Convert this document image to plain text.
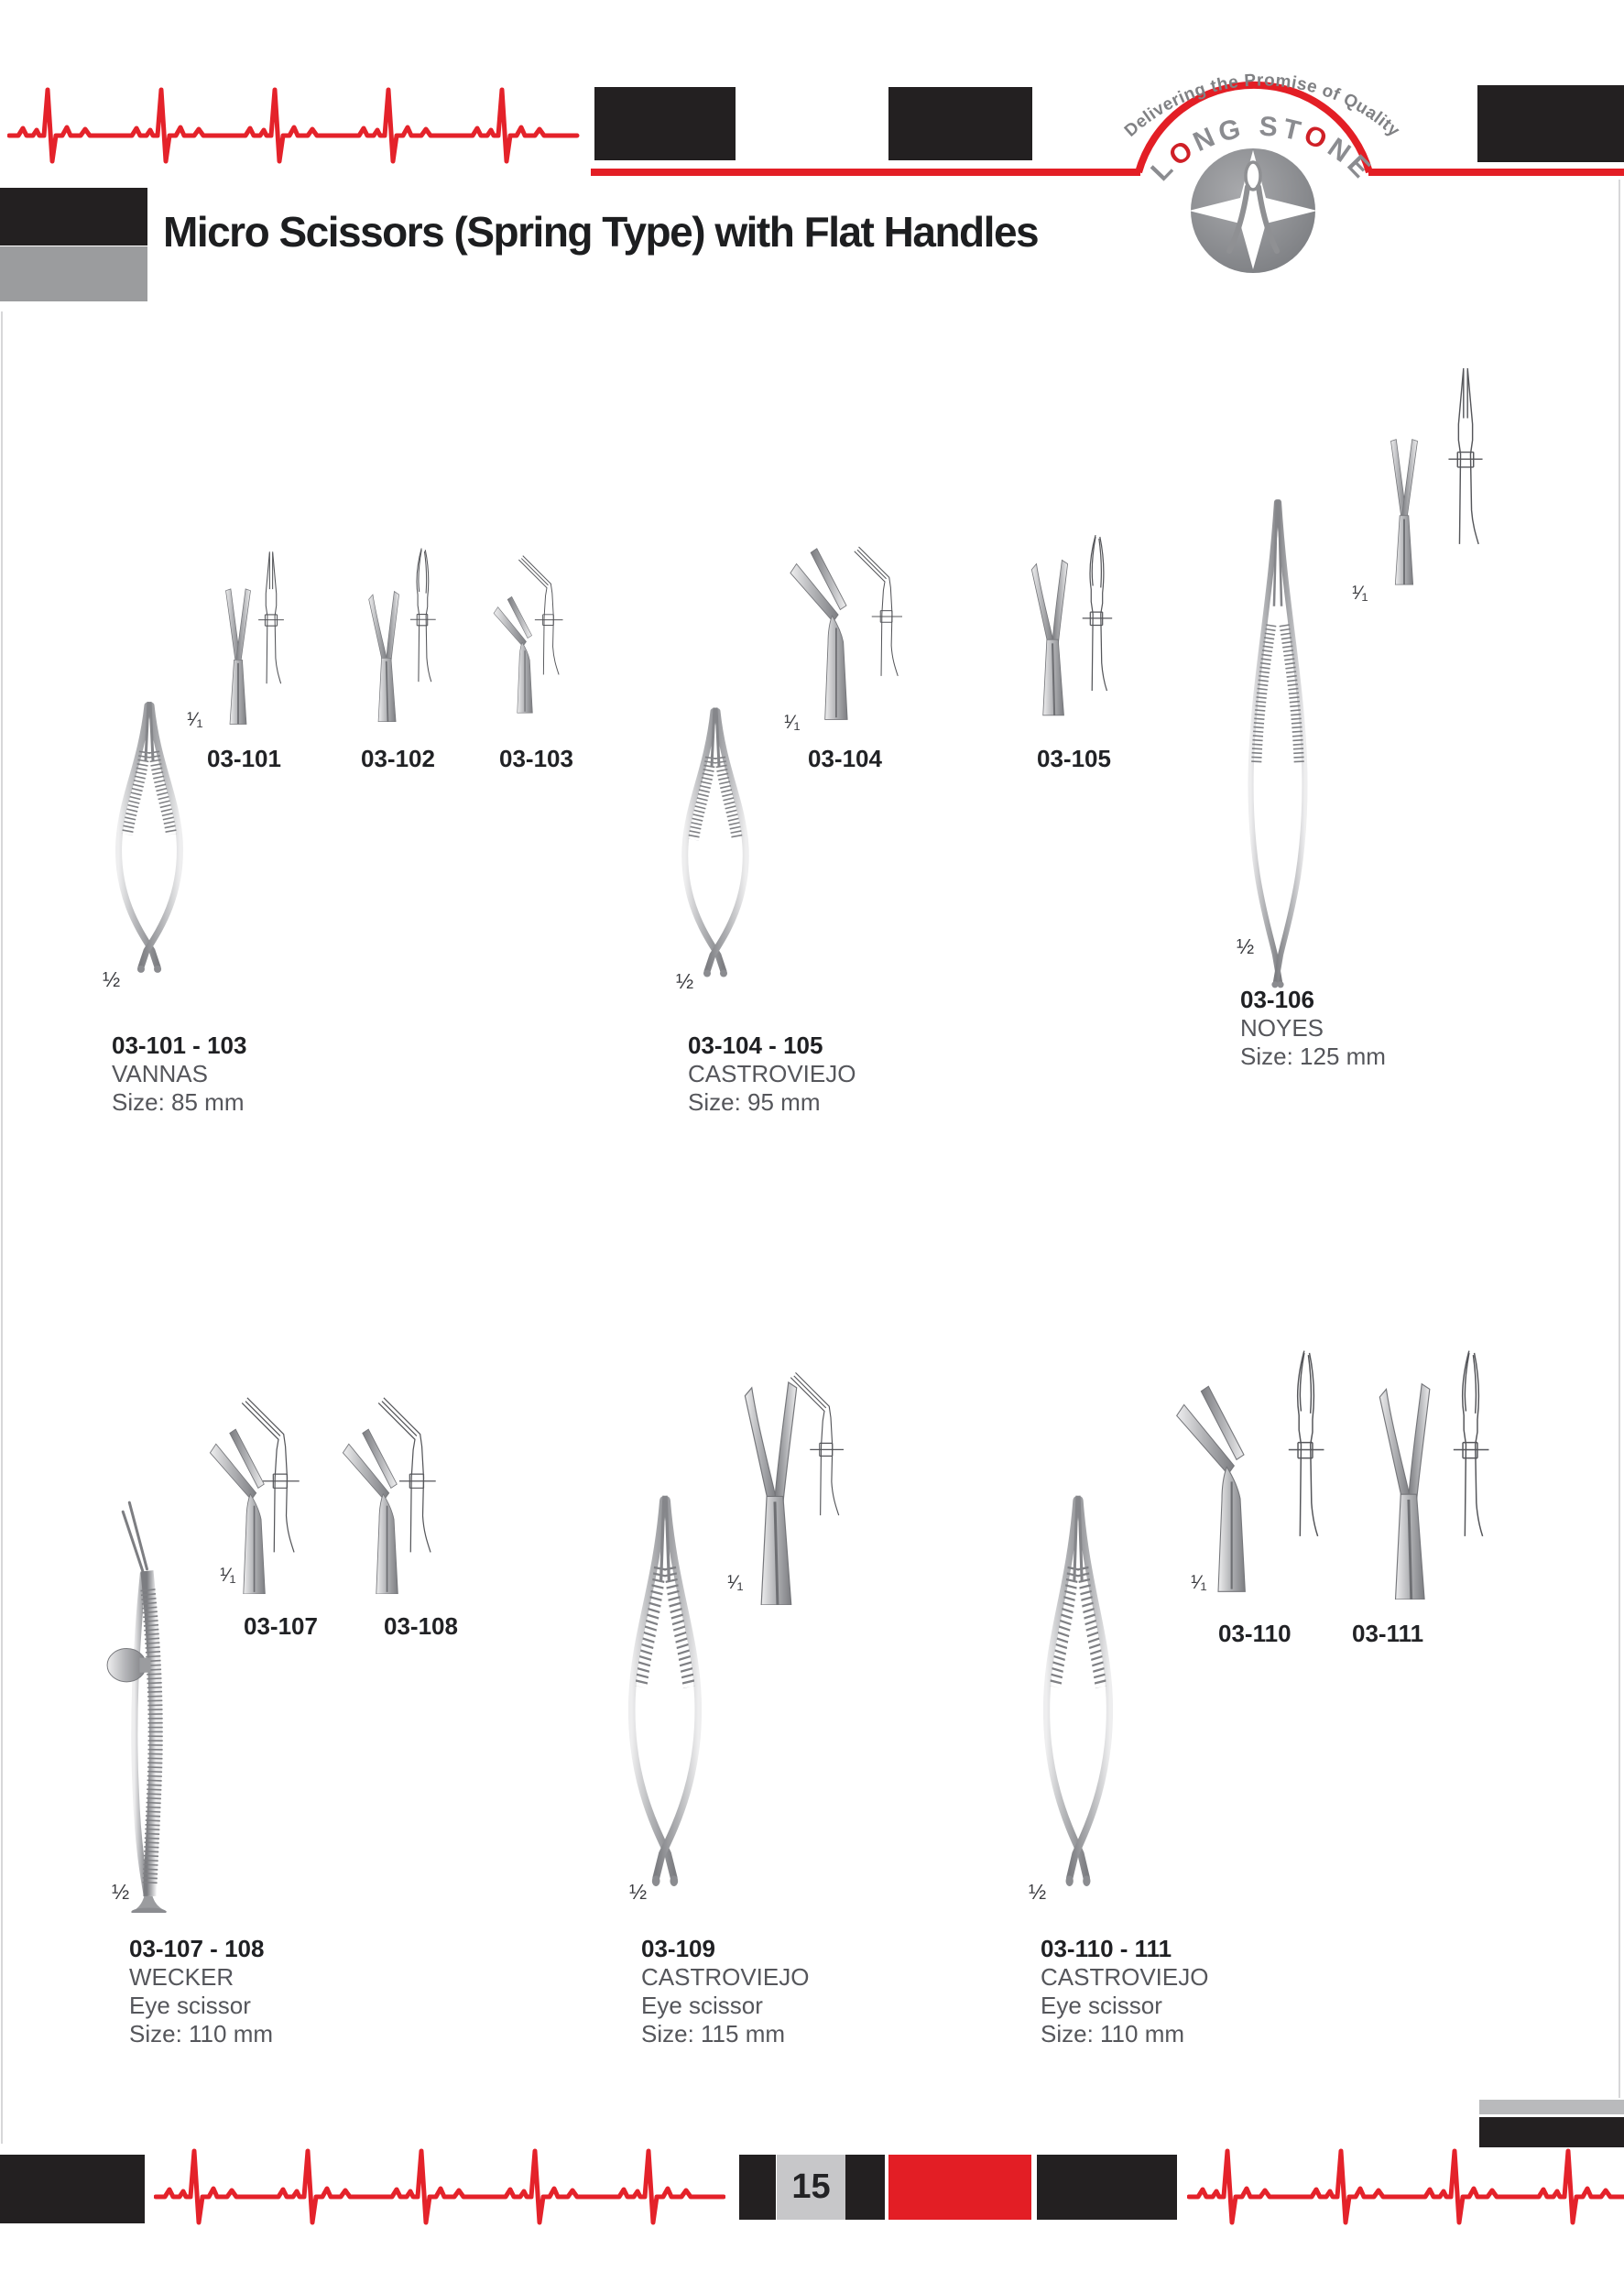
Delivering the Promise of Quality
LONG STONE
Micro Scissors (Spring Type) with Flat Handles
¹⁄₁
½
03-101	03-102	03-103
03-101 - 103
VANNAS
Size: 85 mm
¹⁄₁
½
03-104	03-105
03-104 - 105
CASTROVIEJO
Size: 95 mm
¹⁄₁
½
03-106
NOYES
Size: 125 mm
¹⁄₁
½
03-107	03-108
03-107 - 108
WECKER
Eye scissor
Size: 110 mm
¹⁄₁
½
03-109
CASTROVIEJO
Eye scissor
Size: 115 mm
¹⁄₁
½
03-110	03-111
03-110 - 111
CASTROVIEJO
Eye scissor
Size: 110 mm
15
